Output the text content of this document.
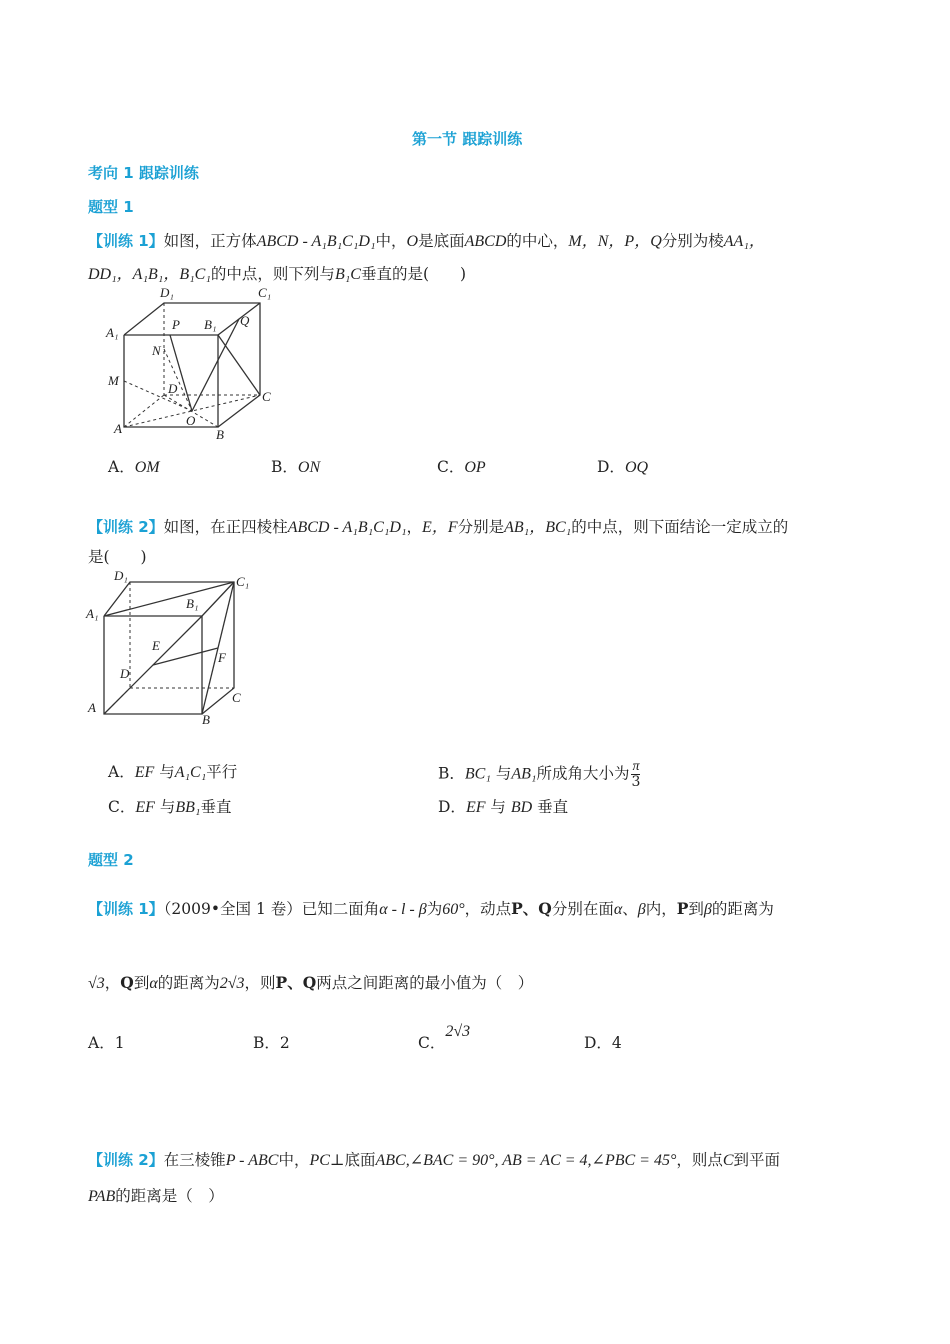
第一节 跟踪训练
考向 1 跟踪训练
题型 1
【训练 1】如图，正方体ABCD - A₁B₁C₁D₁中，O是底面ABCD的中心，M，N，P，Q分别为棱AA₁，
DD₁，A₁B₁，B₁C₁的中点，则下列与B₁C垂直的是(　　)
D₁	C₁
A₁
P B₁ Q
N
M
D
C
O
A	B
A．OM	B．ON	C．OP	D．OQ
【训练 2】如图，在正四棱柱ABCD - A₁B₁C₁D₁，E，F分别是AB₁，BC₁的中点，则下面结论一定成立的
是(　　)
D₁	C₁
A₁
B₁
E
F
D
C
A
B
A．EF 与A₁C₁平行	B．BC₁ 与AB₁所成角大小为 $\frac{\pi}{3}$
C．EF 与BB₁垂直	D．EF 与 BD 垂直
题型 2
【训练 1】（2009•全国 1 卷）已知二面角α - l - β为60°，动点P、Q分别在面α、β内，P到β的距离为
√3，Q到α的距离为2√3，则P、Q两点之间距离的最小值为（　）
A．1	B．2	C．2√3
D．4
【训练 2】在三棱锥P - ABC中，PC⊥底面ABC,∠BAC = 90°, AB = AC = 4,∠PBC = 45°，则点C到平面
PAB的距离是（　）
